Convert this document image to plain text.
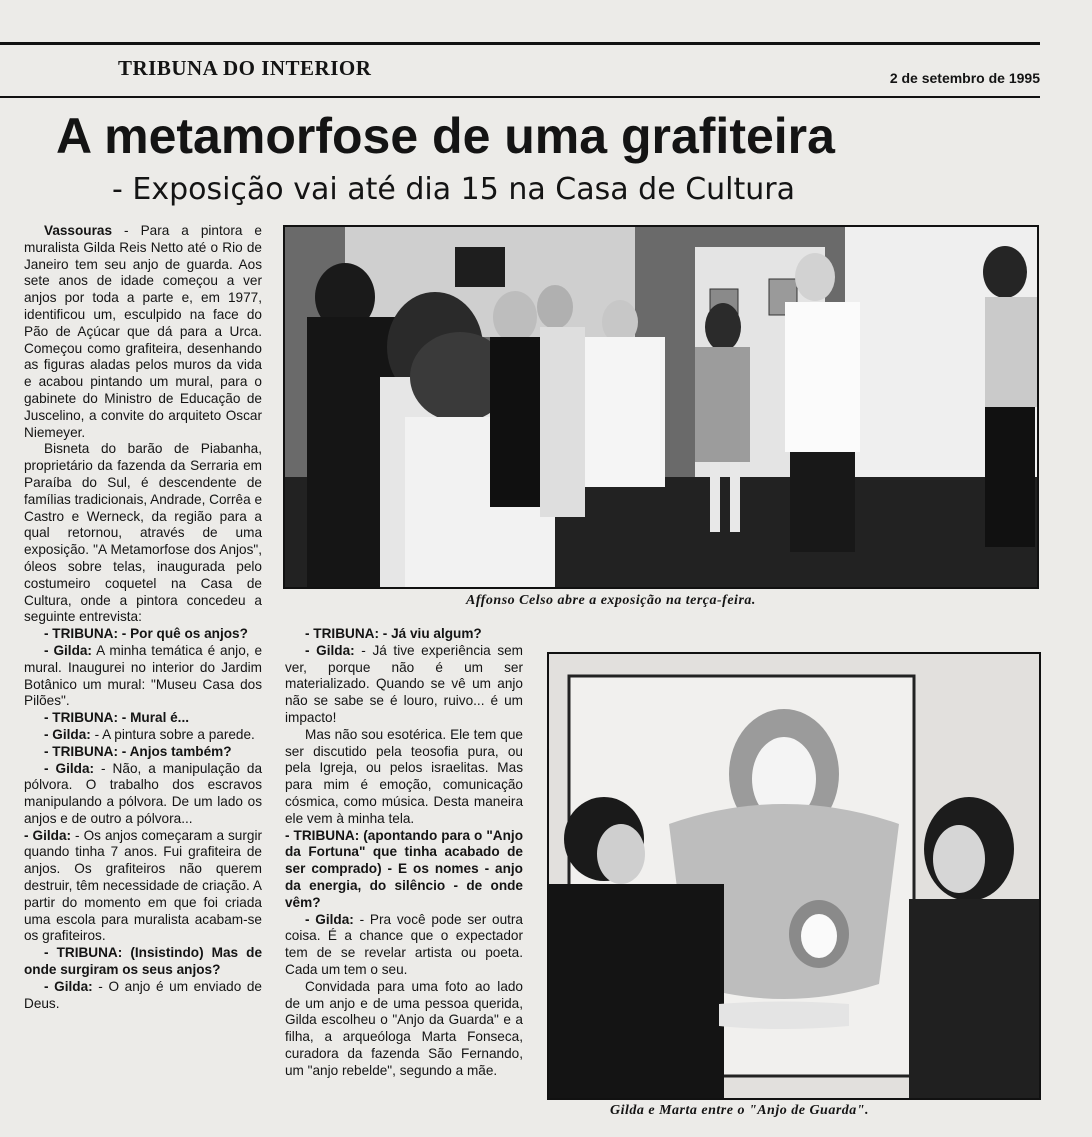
TRIBUNA DO INTERIOR	2 de setembro de 1995
A metamorfose de uma grafiteira
- Exposição vai até dia 15 na Casa de Cultura

Vassouras - Para a pintora e muralista Gilda Reis Netto até o Rio de Janeiro tem seu anjo de guarda. Aos sete anos de idade começou a ver anjos por toda a parte e, em 1977, identificou um, esculpido na face do Pão de Açúcar que dá para a Urca. Começou como grafiteira, desenhando as figuras aladas pelos muros da vida e acabou pintando um mural, para o gabinete do Ministro de Educação de Juscelino, a convite do arquiteto Oscar Niemeyer.

Bisneta do barão de Piabanha, proprietário da fazenda da Serraria em Paraíba do Sul, é descendente de famílias tradicionais, Andrade, Corrêa e Castro e Werneck, da região para a qual retornou, através de uma exposição. "A Metamorfose dos Anjos", óleos sobre telas, inaugurada pelo costumeiro coquetel na Casa de Cultura, onde a pintora concedeu a seguinte entrevista:

- TRIBUNA: - Por quê os anjos?

- Gilda: A minha temática é anjo, e mural. Inaugurei no interior do Jardim Botânico um mural: "Museu Casa dos Pilões".

- TRIBUNA: - Mural é...

- Gilda: - A pintura sobre a parede.

- TRIBUNA: - Anjos também?

- Gilda: - Não, a manipulação da pólvora. O trabalho dos escravos manipulando a pólvora. De um lado os anjos e de outro a pólvora...

- Gilda: - Os anjos começaram a surgir quando tinha 7 anos. Fui grafiteira de anjos. Os grafiteiros não querem destruir, têm necessidade de criação. A partir do momento em que foi criada uma escola para muralista acabam-se os grafiteiros.

- TRIBUNA: (Insistindo) Mas de onde surgiram os seus anjos?

- Gilda: - O anjo é um enviado de Deus.

Affonso Celso abre a exposição na terça-feira.

- TRIBUNA: - Já viu algum?

- Gilda: - Já tive experiência sem ver, porque não é um ser materializado. Quando se vê um anjo não se sabe se é louro, ruivo... é um impacto!

Mas não sou esotérica. Ele tem que ser discutido pela teosofia pura, ou pela Igreja, ou pelos israelitas. Mas para mim é emoção, comunicação cósmica, como música. Desta maneira ele vem à minha tela.

- TRIBUNA: (apontando para o "Anjo da Fortuna" que tinha acabado de ser comprado) - E os nomes - anjo da energia, do silêncio - de onde vêm?

- Gilda: - Pra você pode ser outra coisa. É a chance que o expectador tem de se revelar artista ou poeta. Cada um tem o seu.

Convidada para uma foto ao lado de um anjo e de uma pessoa querida, Gilda escolheu o "Anjo da Guarda" e a filha, a arqueóloga Marta Fonseca, curadora da fazenda São Fernando, um "anjo rebelde", segundo a mãe.

Gilda e Marta entre o "Anjo de Guarda".
